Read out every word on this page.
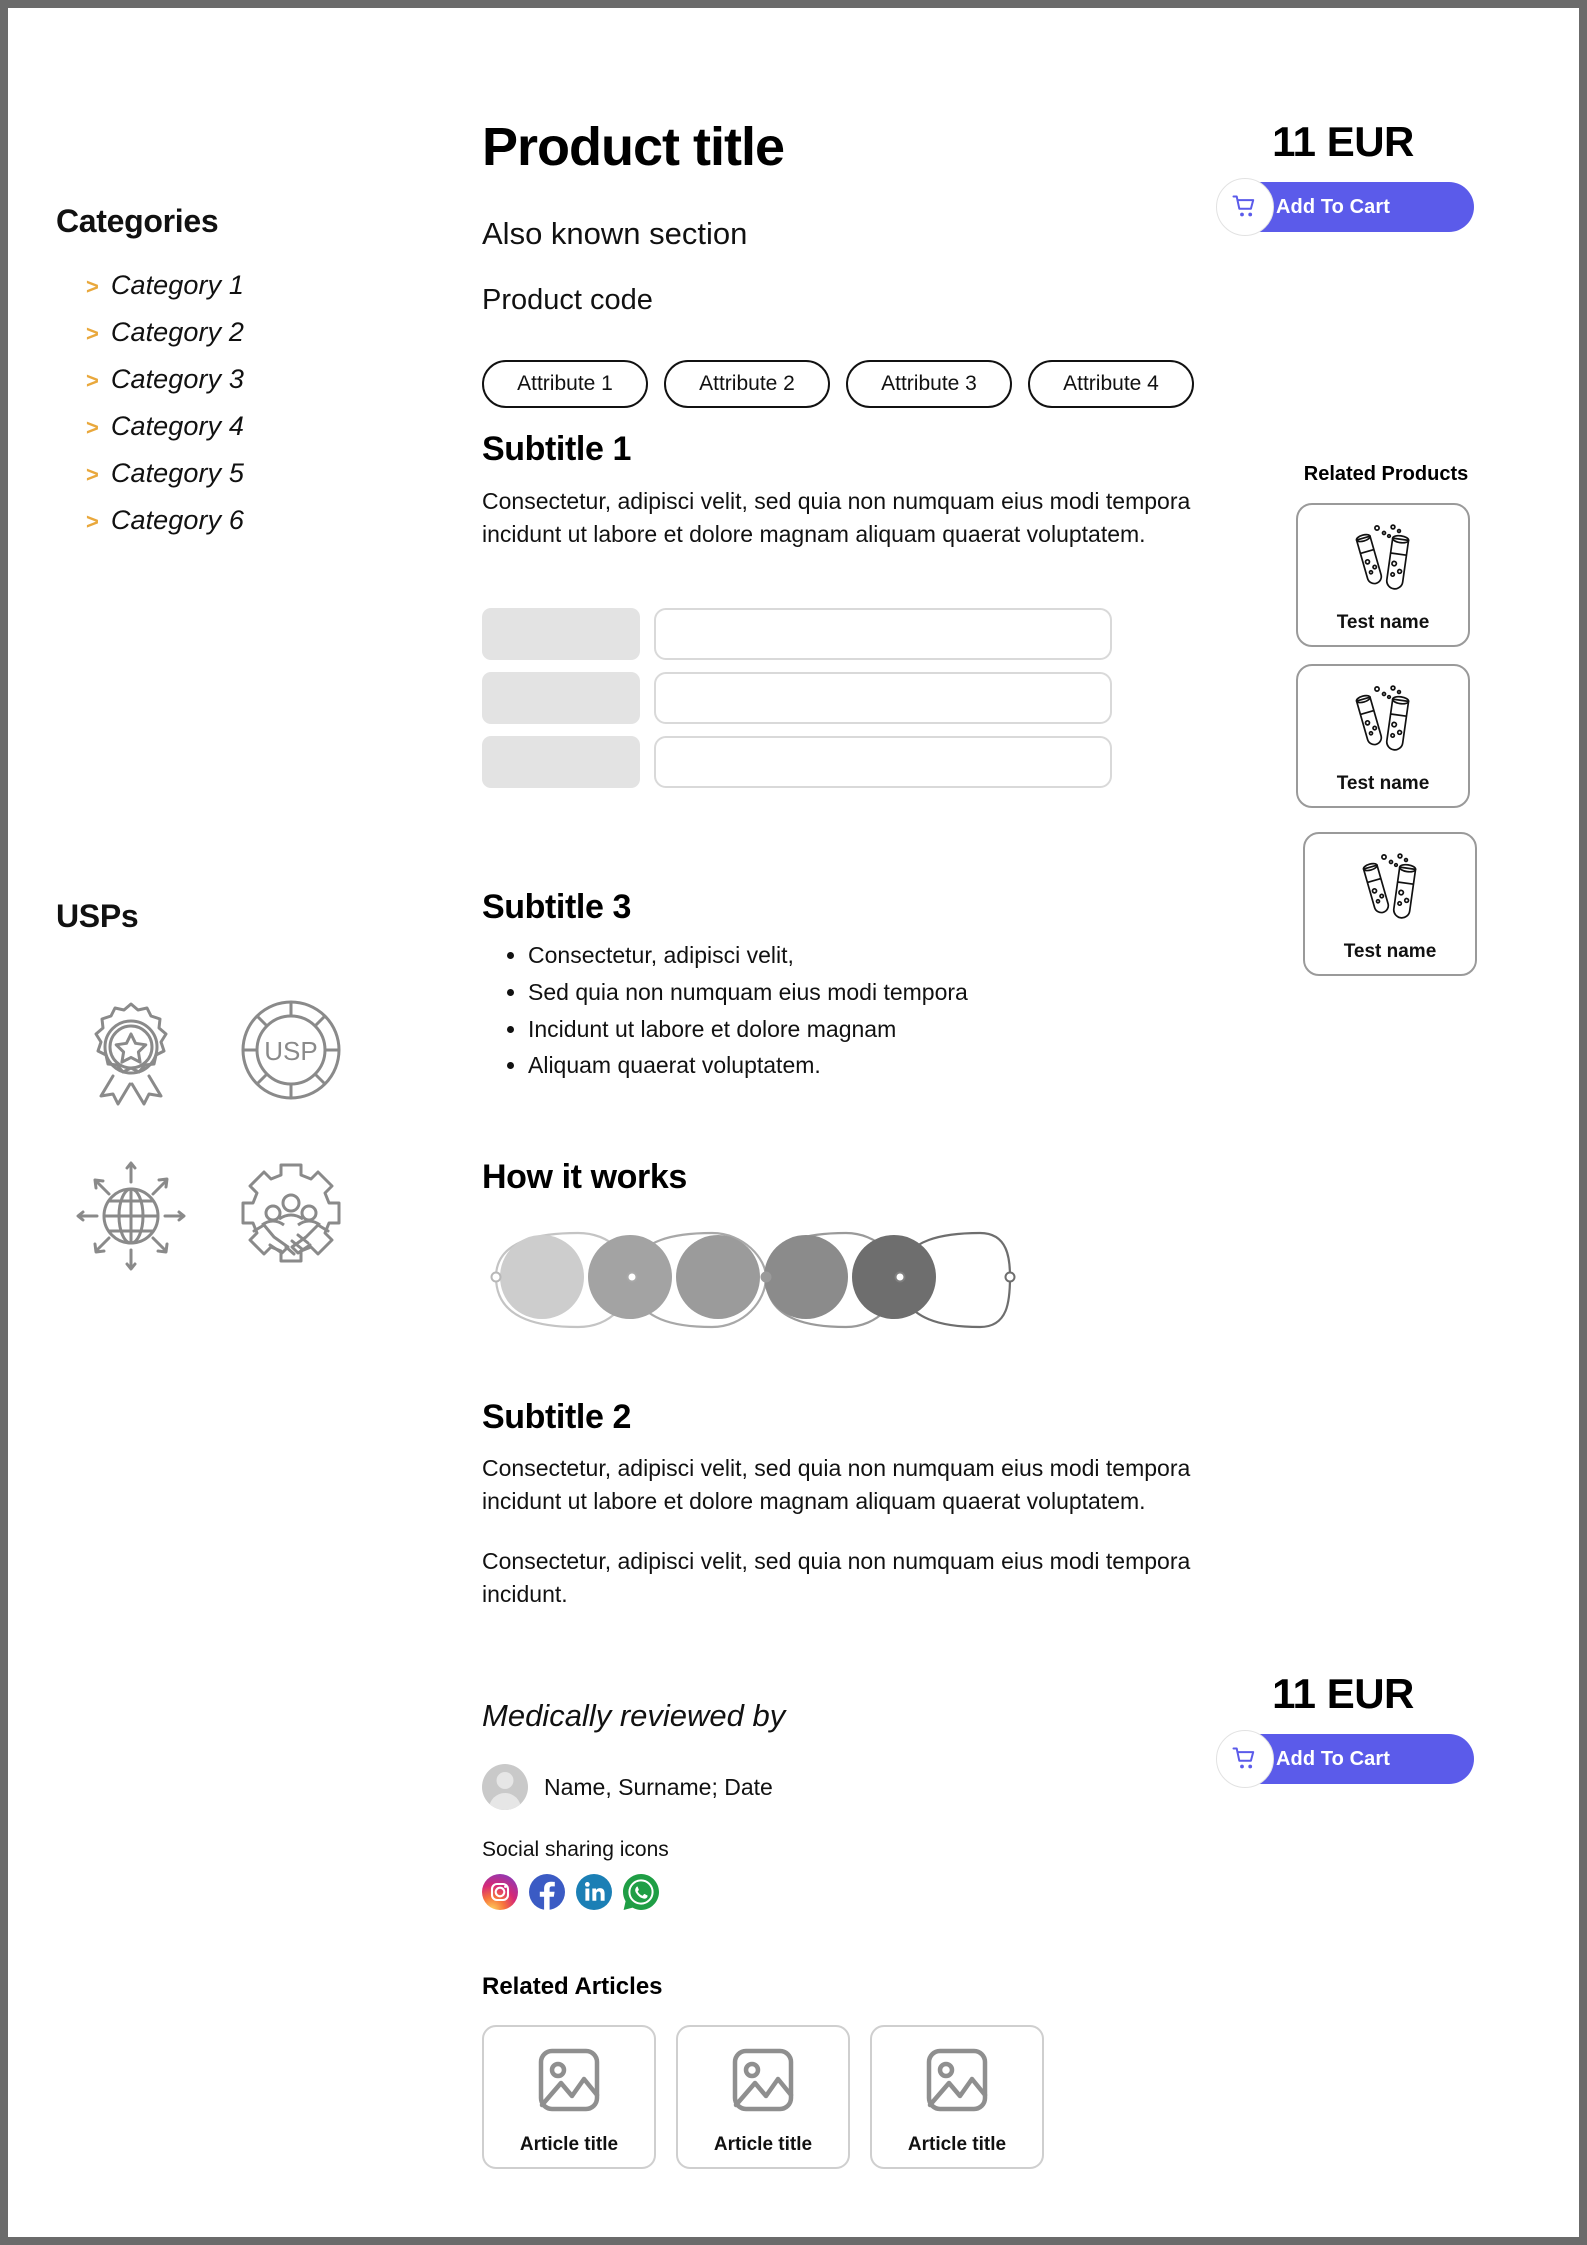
Categories
> Category 1
> Category 2
> Category 3
> Category 4
> Category 5
> Category 6
USPs
USP
Product title
Also known section
Product code
Attribute 1	Attribute 2	Attribute 3	Attribute 4
Subtitle 1
Consectetur, adipisci velit, sed quia non numquam eius modi tempora incidunt ut labore et dolore magnam aliquam quaerat voluptatem.
Subtitle 3
• Consectetur, adipisci velit,
• Sed quia non numquam eius modi tempora
• Incidunt ut labore et dolore magnam
• Aliquam quaerat voluptatem.
How it works
Subtitle 2
Consectetur, adipisci velit, sed quia non numquam eius modi tempora incidunt ut labore et dolore magnam aliquam quaerat voluptatem.
Consectetur, adipisci velit, sed quia non numquam eius modi tempora incidunt.
Medically reviewed by
Name, Surname; Date
Social sharing icons
Related Articles
Article title	Article title	Article title
11 EUR
Add To Cart
Related Products
Test name
Test name
Test name
11 EUR
Add To Cart
